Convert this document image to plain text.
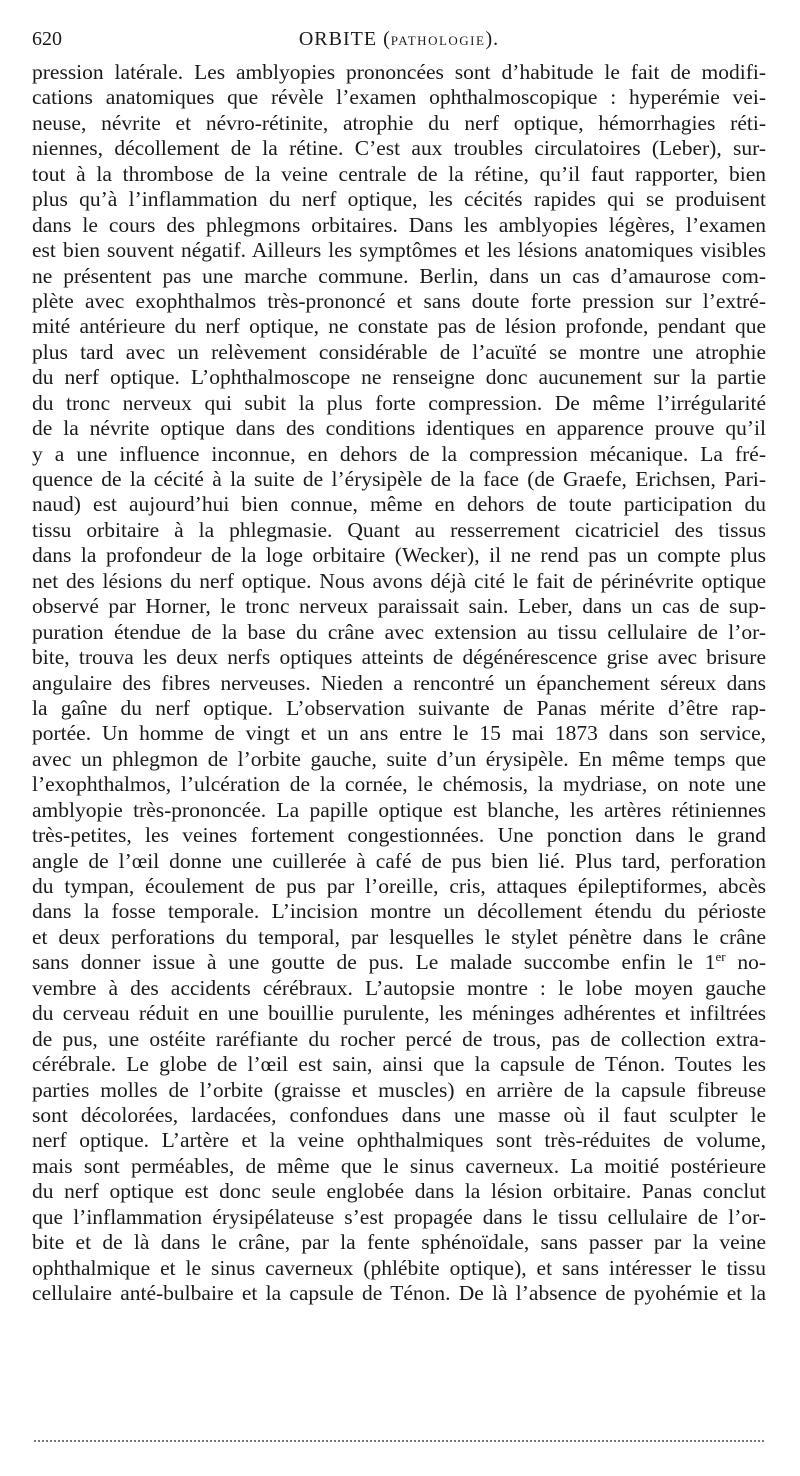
620	ORBITE (PATHOLOGIE).
pression latérale. Les amblyopies prononcées sont d’habitude le fait de modifi-
cations anatomiques que révèle l’examen ophthalmoscopique : hyperémie vei-
neuse, névrite et névro-rétinite, atrophie du nerf optique, hémorrhagies réti-
niennes, décollement de la rétine. C’est aux troubles circulatoires (Leber), sur-
tout à la thrombose de la veine centrale de la rétine, qu’il faut rapporter, bien
plus qu’à l’inflammation du nerf optique, les cécités rapides qui se produisent
dans le cours des phlegmons orbitaires. Dans les amblyopies légères, l’examen
est bien souvent négatif. Ailleurs les symptômes et les lésions anatomiques visibles
ne présentent pas une marche commune. Berlin, dans un cas d’amaurose com-
plète avec exophthalmos très-prononcé et sans doute forte pression sur l’extré-
mité antérieure du nerf optique, ne constate pas de lésion profonde, pendant que
plus tard avec un relèvement considérable de l’acuïté se montre une atrophie
du nerf optique. L’ophthalmoscope ne renseigne donc aucunement sur la partie
du tronc nerveux qui subit la plus forte compression. De même l’irrégularité
de la névrite optique dans des conditions identiques en apparence prouve qu’il
y a une influence inconnue, en dehors de la compression mécanique. La fré-
quence de la cécité à la suite de l’érysipèle de la face (de Graefe, Erichsen, Pari-
naud) est aujourd’hui bien connue, même en dehors de toute participation du
tissu orbitaire à la phlegmasie. Quant au resserrement cicatriciel des tissus
dans la profondeur de la loge orbitaire (Wecker), il ne rend pas un compte plus
net des lésions du nerf optique. Nous avons déjà cité le fait de périnévrite optique
observé par Horner, le tronc nerveux paraissait sain. Leber, dans un cas de sup-
puration étendue de la base du crâne avec extension au tissu cellulaire de l’or-
bite, trouva les deux nerfs optiques atteints de dégénérescence grise avec brisure
angulaire des fibres nerveuses. Nieden a rencontré un épanchement séreux dans
la gaîne du nerf optique. L’observation suivante de Panas mérite d’être rap-
portée. Un homme de vingt et un ans entre le 15 mai 1873 dans son service,
avec un phlegmon de l’orbite gauche, suite d’un érysipèle. En même temps que
l’exophthalmos, l’ulcération de la cornée, le chémosis, la mydriase, on note une
amblyopie très-prononcée. La papille optique est blanche, les artères rétiniennes
très-petites, les veines fortement congestionnées. Une ponction dans le grand
angle de l’œil donne une cuillerée à café de pus bien lié. Plus tard, perforation
du tympan, écoulement de pus par l’oreille, cris, attaques épileptiformes, abcès
dans la fosse temporale. L’incision montre un décollement étendu du périoste
et deux perforations du temporal, par lesquelles le stylet pénètre dans le crâne
sans donner issue à une goutte de pus. Le malade succombe enfin le 1er no-
vembre à des accidents cérébraux. L’autopsie montre : le lobe moyen gauche
du cerveau réduit en une bouillie purulente, les méninges adhérentes et infiltrées
de pus, une ostéite raréfiante du rocher percé de trous, pas de collection extra-
cérébrale. Le globe de l’œil est sain, ainsi que la capsule de Ténon. Toutes les
parties molles de l’orbite (graisse et muscles) en arrière de la capsule fibreuse
sont décolorées, lardacées, confondues dans une masse où il faut sculpter le
nerf optique. L’artère et la veine ophthalmiques sont très-réduites de volume,
mais sont perméables, de même que le sinus caverneux. La moitié postérieure
du nerf optique est donc seule englobée dans la lésion orbitaire. Panas conclut
que l’inflammation érysipélateuse s’est propagée dans le tissu cellulaire de l’or-
bite et de là dans le crâne, par la fente sphénoïdale, sans passer par la veine
ophthalmique et le sinus caverneux (phlébite optique), et sans intéresser le tissu
cellulaire anté-bulbaire et la capsule de Ténon. De là l’absence de pyohémie et la
